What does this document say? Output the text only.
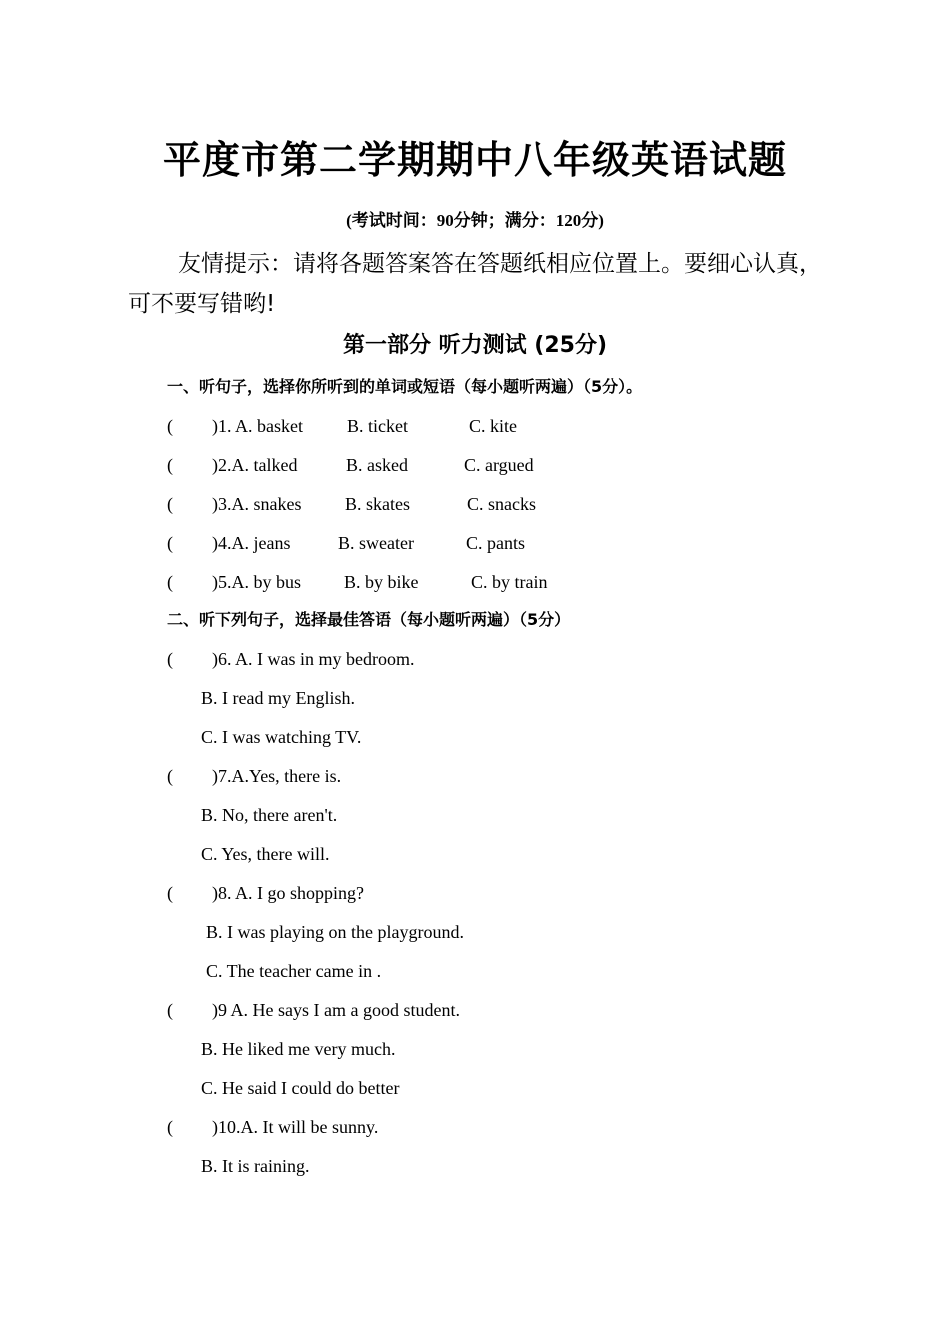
平度市第二学期期中八年级英语试题
(考试时间：90分钟；满分：120分)
友情提示：请将各题答案答在答题纸相应位置上。要细心认真，可不要写错哟!
第一部分 听力测试 (25分)
一、听句子，选择你所听到的单词或短语（每小题听两遍）（5分）。
( )1. A. basket B. ticket	C. kite
( )2.A. talked	B. asked	C. argued
( )3.A. snakes B. skates	C. snacks
( )4.A. jeans	B. sweater	C. pants
( )5.A. by bus B. by bike	C. by train
二、听下列句子，选择最佳答语（每小题听两遍）（5分）
( )6. A. I was in my bedroom.
B. I read my English.
C. I was watching TV.
( )7.A.Yes, there is.
B. No, there aren't.
C. Yes, there will.
( )8. A. I go shopping?
B. I was playing on the playground.
C. The teacher came in .
( )9 A. He says I am a good student.
B. He liked me very much.
C. He said I could do better
( )10.A. It will be sunny.
B. It is raining.
